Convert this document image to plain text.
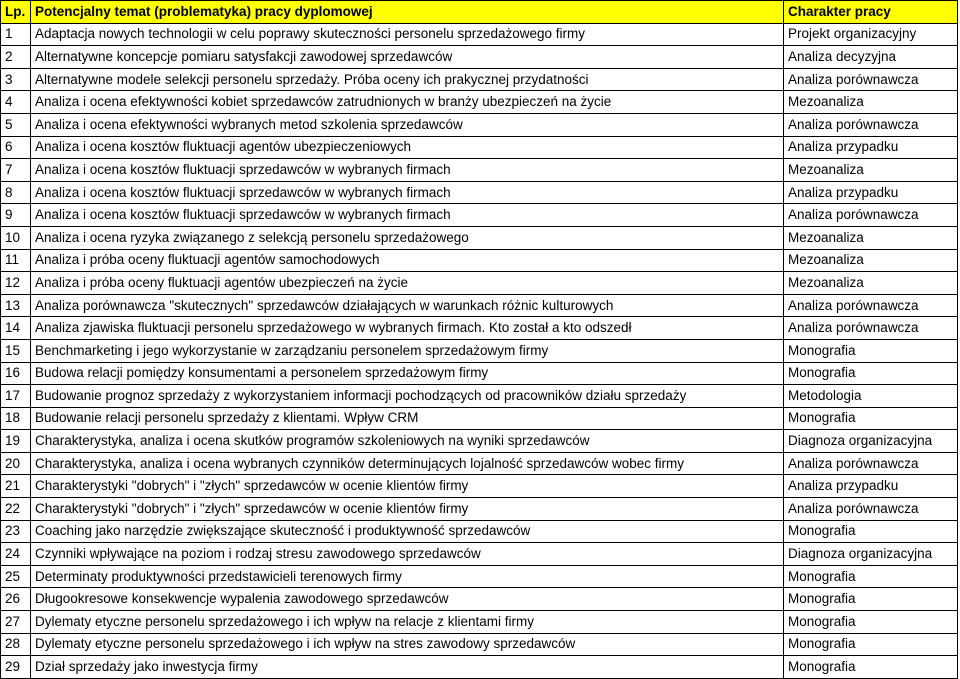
Lp.	Potencjalny temat (problematyka) pracy dyplomowej	Charakter pracy
1	Adaptacja nowych technologii w celu poprawy skuteczności personelu sprzedażowego firmy	Projekt organizacyjny
2	Alternatywne koncepcje pomiaru satysfakcji zawodowej sprzedawców	Analiza decyzyjna
3	Alternatywne modele selekcji personelu sprzedaży. Próba oceny ich prakycznej przydatności	Analiza porównawcza
4	Analiza i ocena efektywności kobiet sprzedawców zatrudnionych w branży ubezpieczeń na życie	Mezoanaliza
5	Analiza i ocena efektywności wybranych metod szkolenia sprzedawców	Analiza porównawcza
6	Analiza i ocena kosztów fluktuacji agentów ubezpieczeniowych	Analiza przypadku
7	Analiza i ocena kosztów fluktuacji sprzedawców w wybranych firmach	Mezoanaliza
8	Analiza i ocena kosztów fluktuacji sprzedawców w wybranych firmach	Analiza przypadku
9	Analiza i ocena kosztów fluktuacji sprzedawców w wybranych firmach	Analiza porównawcza
10	Analiza i ocena ryzyka związanego z selekcją personelu sprzedażowego	Mezoanaliza
11	Analiza i próba oceny fluktuacji agentów samochodowych	Mezoanaliza
12	Analiza i próba oceny fluktuacji agentów ubezpieczeń na życie	Mezoanaliza
13	Analiza porównawcza "skutecznych" sprzedawców działających w warunkach różnic kulturowych	Analiza porównawcza
14	Analiza zjawiska fluktuacji personelu sprzedażowego w wybranych firmach. Kto został a kto odszedł	Analiza porównawcza
15	Benchmarketing i jego wykorzystanie w zarządzaniu personelem sprzedażowym firmy	Monografia
16	Budowa relacji pomiędzy konsumentami a personelem sprzedażowym firmy	Monografia
17	Budowanie prognoz sprzedaży z wykorzystaniem informacji pochodzących od pracowników działu sprzedaży	Metodologia
18	Budowanie relacji personelu sprzedaży z klientami. Wpływ CRM	Monografia
19	Charakterystyka, analiza i ocena skutków programów szkoleniowych na wyniki sprzedawców	Diagnoza organizacyjna
20	Charakterystyka, analiza i ocena wybranych czynników determinujących lojalność sprzedawców wobec firmy	Analiza porównawcza
21	Charakterystyki "dobrych" i "złych" sprzedawców w ocenie klientów firmy	Analiza przypadku
22	Charakterystyki "dobrych" i "złych" sprzedawców w ocenie klientów firmy	Analiza porównawcza
23	Coaching jako narzędzie zwiększające skuteczność i produktywność sprzedawców	Monografia
24	Czynniki wpływające na poziom i rodzaj stresu zawodowego sprzedawców	Diagnoza organizacyjna
25	Determinaty produktywności przedstawicieli terenowych firmy	Monografia
26	Długookresowe konsekwencje wypalenia zawodowego sprzedawców	Monografia
27	Dylematy etyczne personelu sprzedażowego i ich wpływ na relacje z klientami firmy	Monografia
28	Dylematy etyczne personelu sprzedażowego i ich wpływ na stres zawodowy sprzedawców	Monografia
29	Dział sprzedaży jako inwestycja firmy	Monografia
